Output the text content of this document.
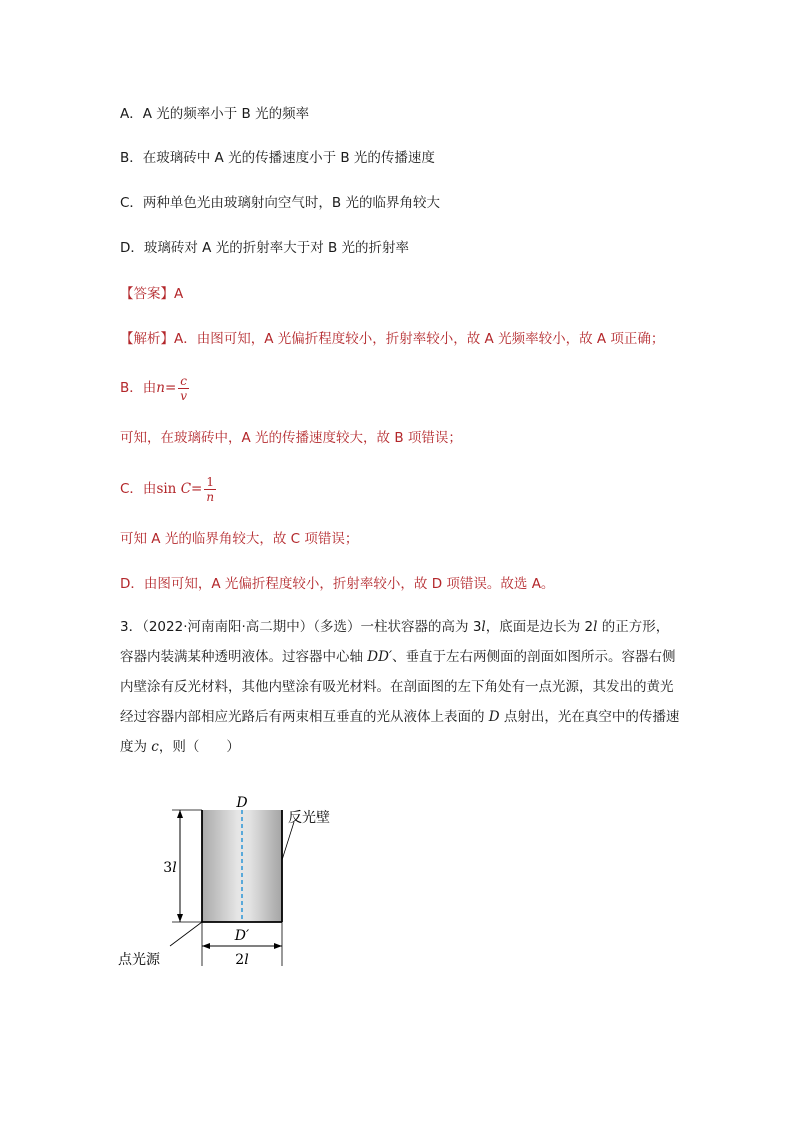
A．A 光的频率小于 B 光的频率
B．在玻璃砖中 A 光的传播速度小于 B 光的传播速度
C．两种单色光由玻璃射向空气时，B 光的临界角较大
D．玻璃砖对 A 光的折射率大于对 B 光的折射率
【答案】A
【解析】A．由图可知，A 光偏折程度较小，折射率较小，故 A 光频率较小，故 A 项正确；
B．由$n= \frac{c}{v}$
可知，在玻璃砖中，A 光的传播速度较大，故 B 项错误；
C．由$\sin C= \frac{1}{n}$
可知 A 光的临界角较大，故 C 项错误；
D．由图可知，A 光偏折程度较小，折射率较小，故 D 项错误。故选 A。
3．（2022·河南南阳·高二期中）（多选）一柱状容器的高为 3l，底面是边长为 2l 的正方形，容器内装满某种透明液体。过容器中心轴 DD′、垂直于左右两侧面的剖面如图所示。容器右侧内壁涂有反光材料，其他内壁涂有吸光材料。在剖面图的左下角处有一点光源，其发出的黄光经过容器内部相应光路后有两束相互垂直的光从液体上表面的 D 点射出，光在真空中的传播速度为 c，则（　　）
D
D′
3l
2l
反光壁
点光源
